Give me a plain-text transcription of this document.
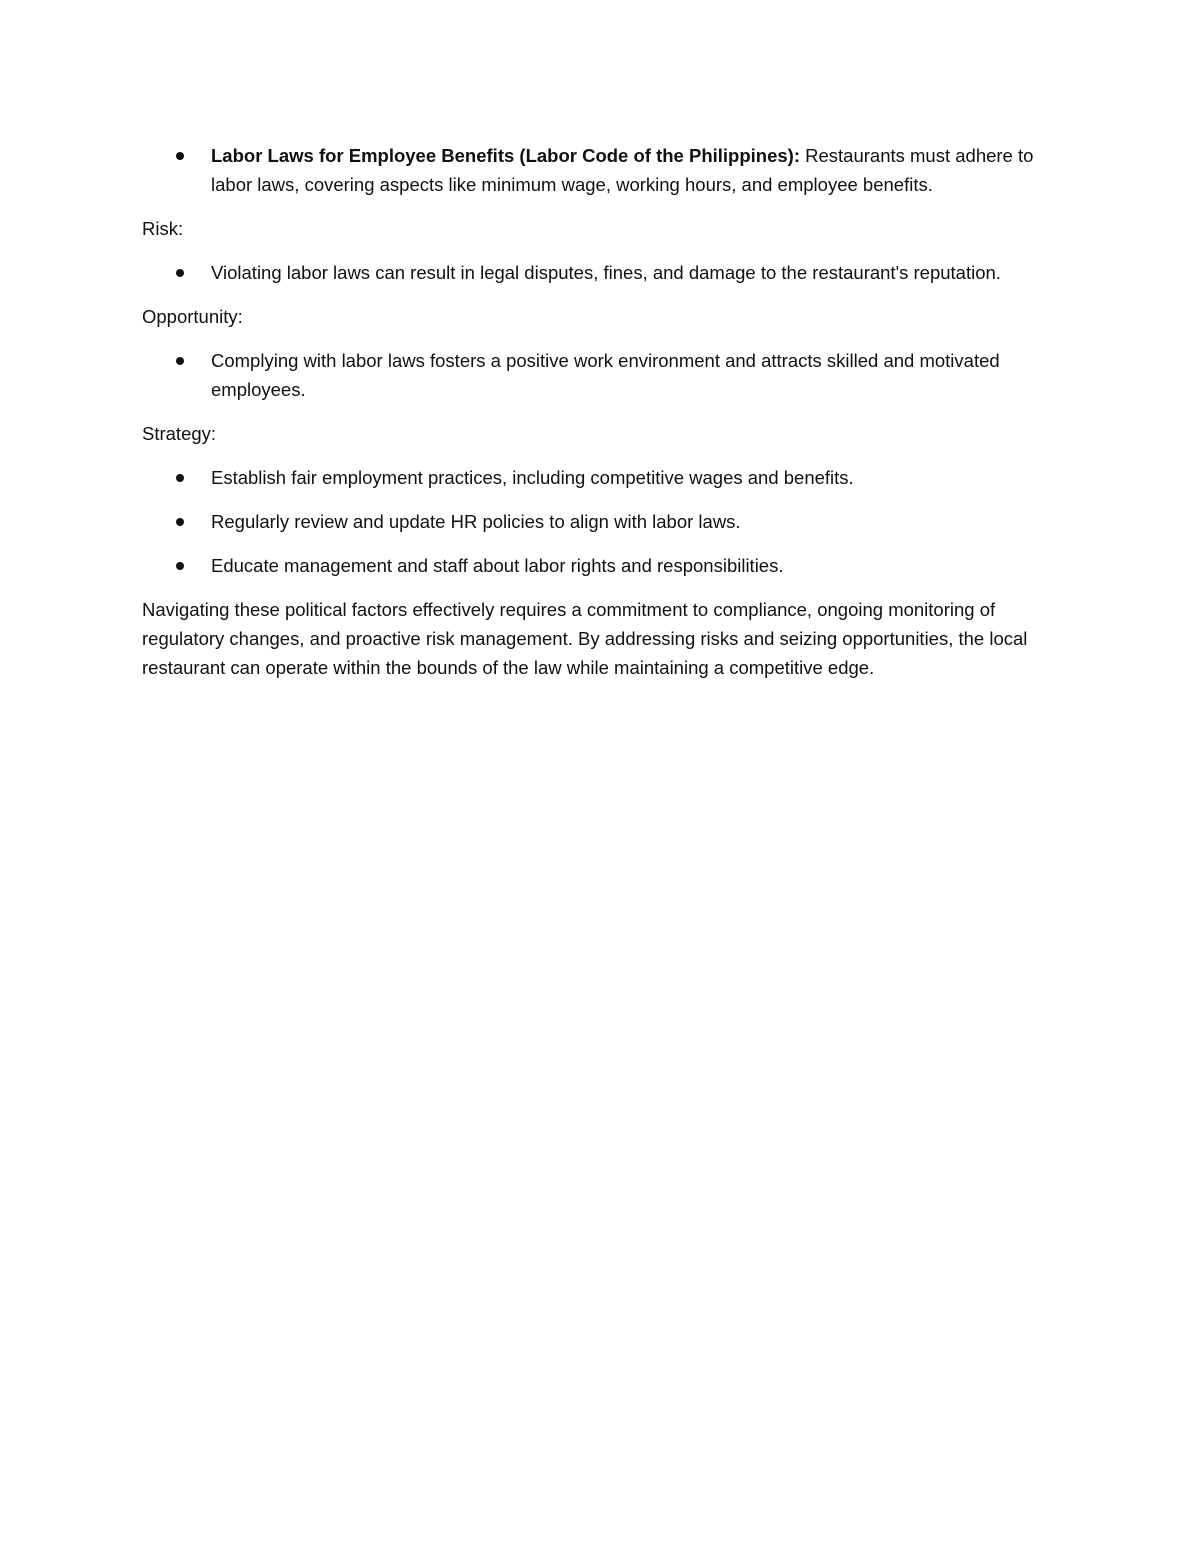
Labor Laws for Employee Benefits (Labor Code of the Philippines): Restaurants must adhere to labor laws, covering aspects like minimum wage, working hours, and employee benefits.
Risk:
Violating labor laws can result in legal disputes, fines, and damage to the restaurant's reputation.
Opportunity:
Complying with labor laws fosters a positive work environment and attracts skilled and motivated employees.
Strategy:
Establish fair employment practices, including competitive wages and benefits.
Regularly review and update HR policies to align with labor laws.
Educate management and staff about labor rights and responsibilities.

Navigating these political factors effectively requires a commitment to compliance, ongoing monitoring of regulatory changes, and proactive risk management. By addressing risks and seizing opportunities, the local restaurant can operate within the bounds of the law while maintaining a competitive edge.
